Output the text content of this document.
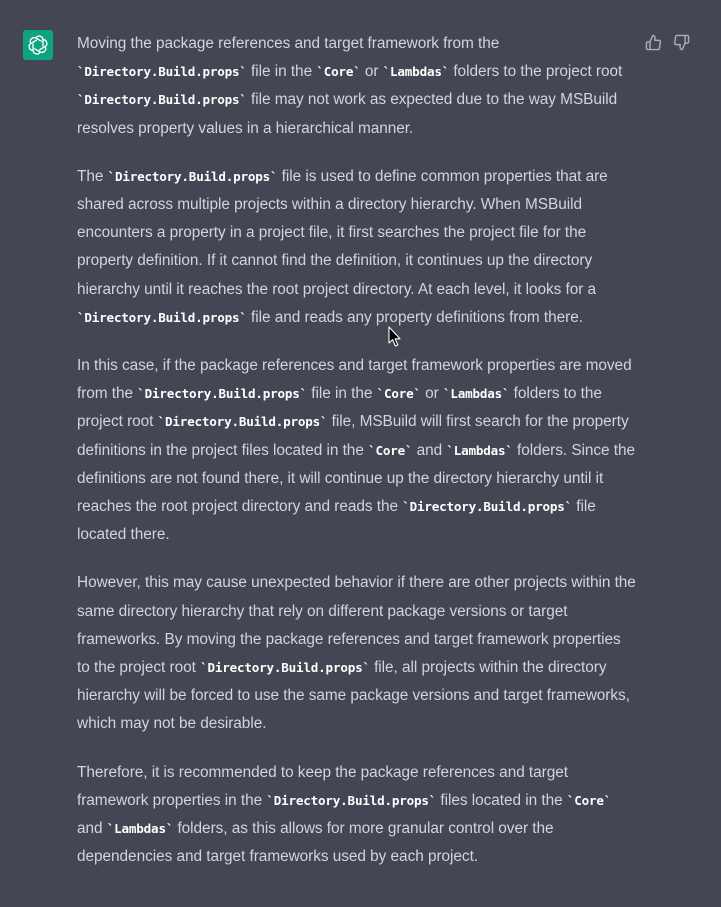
Moving the package references and target framework from the `Directory.Build.props` file in the `Core` or `Lambdas` folders to the project root `Directory.Build.props` file may not work as expected due to the way MSBuild resolves property values in a hierarchical manner.

The `Directory.Build.props` file is used to define common properties that are shared across multiple projects within a directory hierarchy. When MSBuild encounters a property in a project file, it first searches the project file for the property definition. If it cannot find the definition, it continues up the directory hierarchy until it reaches the root project directory. At each level, it looks for a `Directory.Build.props` file and reads any property definitions from there.

In this case, if the package references and target framework properties are moved from the `Directory.Build.props` file in the `Core` or `Lambdas` folders to the project root `Directory.Build.props` file, MSBuild will first search for the property definitions in the project files located in the `Core` and `Lambdas` folders. Since the definitions are not found there, it will continue up the directory hierarchy until it reaches the root project directory and reads the `Directory.Build.props` file located there.

However, this may cause unexpected behavior if there are other projects within the same directory hierarchy that rely on different package versions or target frameworks. By moving the package references and target framework properties to the project root `Directory.Build.props` file, all projects within the directory hierarchy will be forced to use the same package versions and target frameworks, which may not be desirable.

Therefore, it is recommended to keep the package references and target framework properties in the `Directory.Build.props` files located in the `Core` and `Lambdas` folders, as this allows for more granular control over the dependencies and target frameworks used by each project.
